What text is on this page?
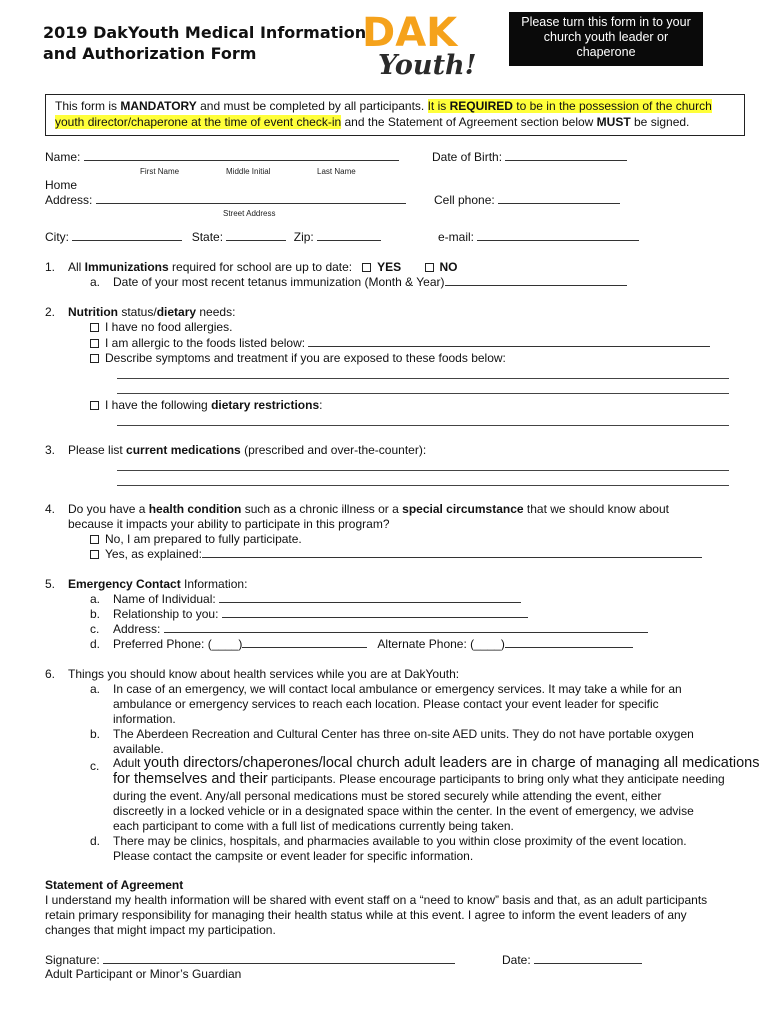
2019 DakYouth Medical Information
and Authorization Form	DAK
Youth!
Please turn this form in to your
church youth leader or
chaperone
This form is MANDATORY and must be completed by all participants. It is REQUIRED to be in the possession of the church
youth director/chaperone at the time of event check-in and the Statement of Agreement section below MUST be signed.
Name:
First Name	Middle Initial	Last Name
Date of Birth:
Home
Address:
Street Address
Cell phone:
City:	State:	Zip:	e-mail:
1. All Immunizations required for school are up to date: YES	NO
a. Date of your most recent tetanus immunization (Month & Year)
2. Nutrition status/dietary needs:
I have no food allergies.
I am allergic to the foods listed below:
Describe symptoms and treatment if you are exposed to these foods below:
I have the following dietary restrictions:
3. Please list current medications (prescribed and over-the-counter):
4. Do you have a health condition such as a chronic illness or a special circumstance that we should know about
because it impacts your ability to participate in this program?
No, I am prepared to fully participate.
Yes, as explained:
5. Emergency Contact Information:
a. Name of Individual:
b. Relationship to you:
c. Address:
d. Preferred Phone: (____)	Alternate Phone: (____)
6. Things you should know about health services while you are at DakYouth:
a. In case of an emergency, we will contact local ambulance or emergency services. It may take a while for an
ambulance or emergency services to reach each location. Please contact your event leader for specific
information.
b. The Aberdeen Recreation and Cultural Center has three on-site AED units. They do not have portable oxygen
available.
c. Adult youth directors/chaperones/local church adult leaders are in charge of managing all medications
for themselves and their participants. Please encourage participants to bring only what they anticipate needing
during the event. Any/all personal medications must be stored securely while attending the event, either
discreetly in a locked vehicle or in a designated space within the center. In the event of emergency, we advise
each participant to come with a full list of medications currently being taken.
d. There may be clinics, hospitals, and pharmacies available to you within close proximity of the event location.
Please contact the campsite or event leader for specific information.
Statement of Agreement
I understand my health information will be shared with event staff on a “need to know” basis and that, as an adult participants
retain primary responsibility for managing their health status while at this event. I agree to inform the event leaders of any
changes that might impact my participation.
Signature:	Date:
Adult Participant or Minor’s Guardian
